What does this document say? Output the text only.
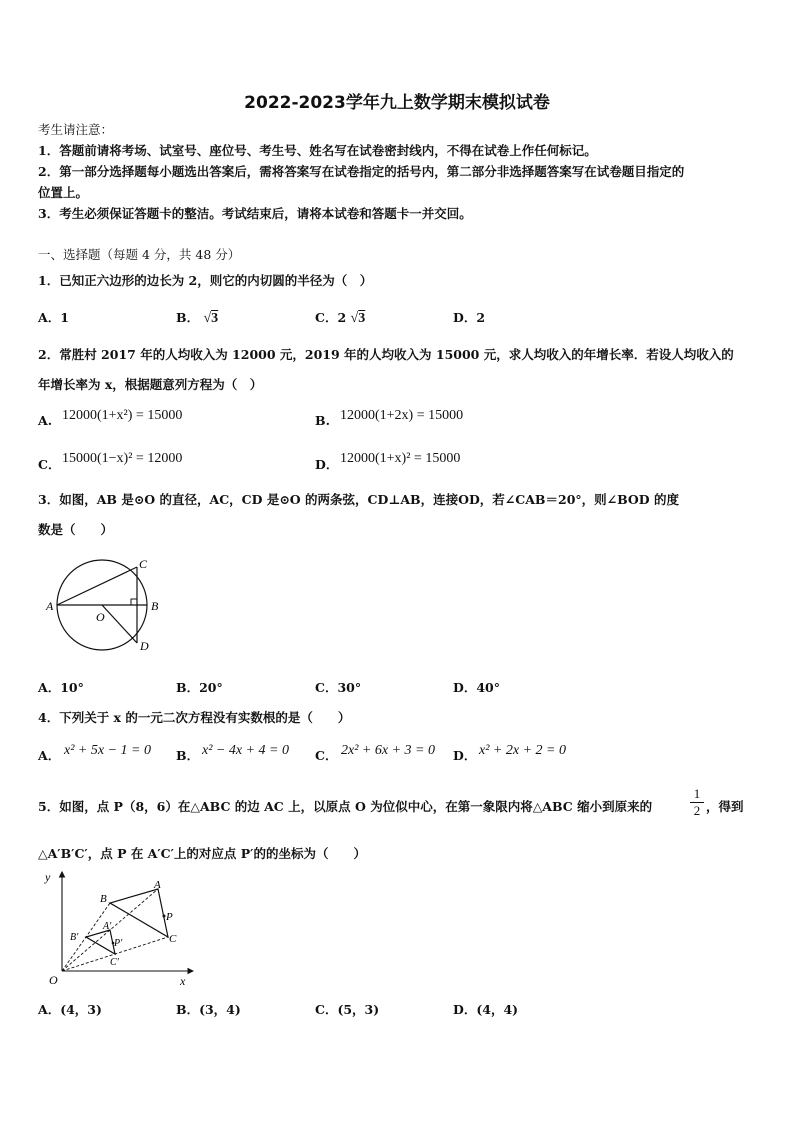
2022-2023学年九上数学期末模拟试卷
考生请注意：
1．答题前请将考场、试室号、座位号、考生号、姓名写在试卷密封线内，不得在试卷上作任何标记。
2．第一部分选择题每小题选出答案后，需将答案写在试卷指定的括号内，第二部分非选择题答案写在试卷题目指定的
位置上。
3．考生必须保证答题卡的整洁。考试结束后，请将本试卷和答题卡一并交回。
一、选择题（每题 4 分，共 48 分）
1．已知正六边形的边长为 2，则它的内切圆的半径为（　）
A．1	B． √3	C．2 √3	D．2
2．常胜村 2017 年的人均收入为 12000 元，2019 年的人均收入为 15000 元，求人均收入的年增长率．若设人均收入的
年增长率为 x，根据题意列方程为（　）
A. 12000(1+x²) = 15000	B. 12000(1+2x) = 15000
C． 15000(1−x)² = 12000	D． 12000(1+x)² = 15000
3．如图，AB 是⊙O 的直径，AC，CD 是⊙O 的两条弦，CD⊥AB，连接OD，若∠CAB＝20°，则∠BOD 的度
数是（　　）
A	B
C
D
O
A．10°	B．20°	C．30°	D．40°
4．下列关于 x 的一元二次方程没有实数根的是（　　）
A． x² + 5x − 1 = 0 B． x² − 4x + 4 = 0 C． 2x² + 6x + 3 = 0 D． x² + 2x + 2 = 0
5．如图，点 P（8，6）在△ABC 的边 AC 上，以原点 O 为位似中心，在第一象限内将△ABC 缩小到原来的	$\frac{1}{2}$ ，得到
△A′B′C′，点 P 在 A′C′上的对应点 P′的的坐标为（　　）
y
x
O
A
B
C
P
A′
B′
C′
P′
A．(4，3)	B．(3，4)	C．(5，3)	D．(4，4)
